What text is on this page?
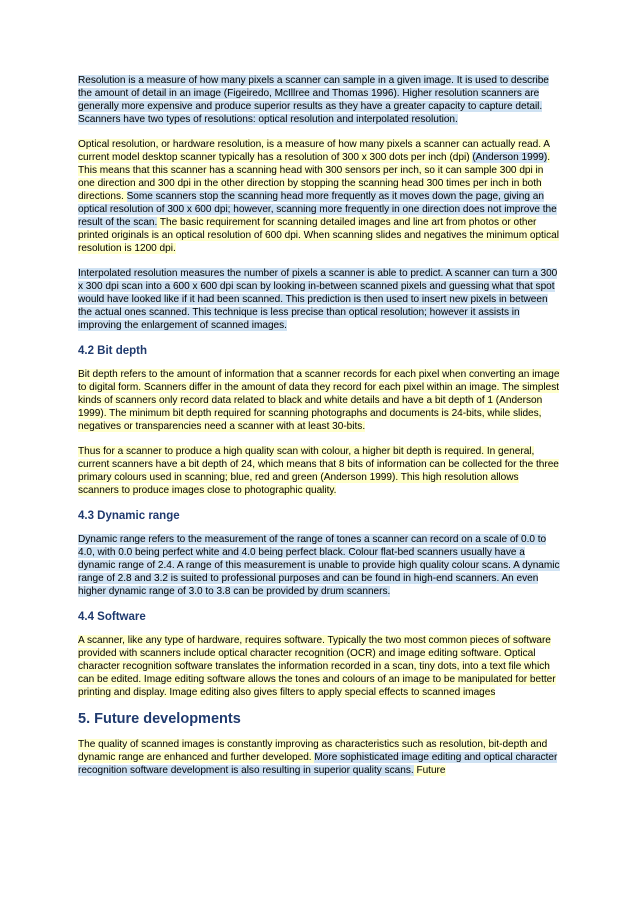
Resolution is a measure of how many pixels a scanner can sample in a given image. It is used to describe the amount of detail in an image (Figeiredo, McIllree and Thomas 1996). Higher resolution scanners are generally more expensive and produce superior results as they have a greater capacity to capture detail. Scanners have two types of resolutions: optical resolution and interpolated resolution.

Optical resolution, or hardware resolution, is a measure of how many pixels a scanner can actually read. A current model desktop scanner typically has a resolution of 300 x 300 dots per inch (dpi) (Anderson 1999). This means that this scanner has a scanning head with 300 sensors per inch, so it can sample 300 dpi in one direction and 300 dpi in the other direction by stopping the scanning head 300 times per inch in both directions. Some scanners stop the scanning head more frequently as it moves down the page, giving an optical resolution of 300 x 600 dpi; however, scanning more frequently in one direction does not improve the result of the scan. The basic requirement for scanning detailed images and line art from photos or other printed originals is an optical resolution of 600 dpi. When scanning slides and negatives the minimum optical resolution is 1200 dpi.

Interpolated resolution measures the number of pixels a scanner is able to predict. A scanner can turn a 300 x 300 dpi scan into a 600 x 600 dpi scan by looking in-between scanned pixels and guessing what that spot would have looked like if it had been scanned. This prediction is then used to insert new pixels in between the actual ones scanned. This technique is less precise than optical resolution; however it assists in improving the enlargement of scanned images.

4.2 Bit depth

Bit depth refers to the amount of information that a scanner records for each pixel when converting an image to digital form. Scanners differ in the amount of data they record for each pixel within an image. The simplest kinds of scanners only record data related to black and white details and have a bit depth of 1 (Anderson 1999). The minimum bit depth required for scanning photographs and documents is 24-bits, while slides, negatives or transparencies need a scanner with at least 30-bits.

Thus for a scanner to produce a high quality scan with colour, a higher bit depth is required. In general, current scanners have a bit depth of 24, which means that 8 bits of information can be collected for the three primary colours used in scanning; blue, red and green (Anderson 1999). This high resolution allows scanners to produce images close to photographic quality.

4.3 Dynamic range

Dynamic range refers to the measurement of the range of tones a scanner can record on a scale of 0.0 to 4.0, with 0.0 being perfect white and 4.0 being perfect black. Colour flat-bed scanners usually have a dynamic range of 2.4. A range of this measurement is unable to provide high quality colour scans. A dynamic range of 2.8 and 3.2 is suited to professional purposes and can be found in high-end scanners. An even higher dynamic range of 3.0 to 3.8 can be provided by drum scanners.

4.4 Software

A scanner, like any type of hardware, requires software. Typically the two most common pieces of software provided with scanners include optical character recognition (OCR) and image editing software. Optical character recognition software translates the information recorded in a scan, tiny dots, into a text file which can be edited. Image editing software allows the tones and colours of an image to be manipulated for better printing and display. Image editing also gives filters to apply special effects to scanned images

5. Future developments

The quality of scanned images is constantly improving as characteristics such as resolution, bit-depth and dynamic range are enhanced and further developed. More sophisticated image editing and optical character recognition software development is also resulting in superior quality scans. Future
